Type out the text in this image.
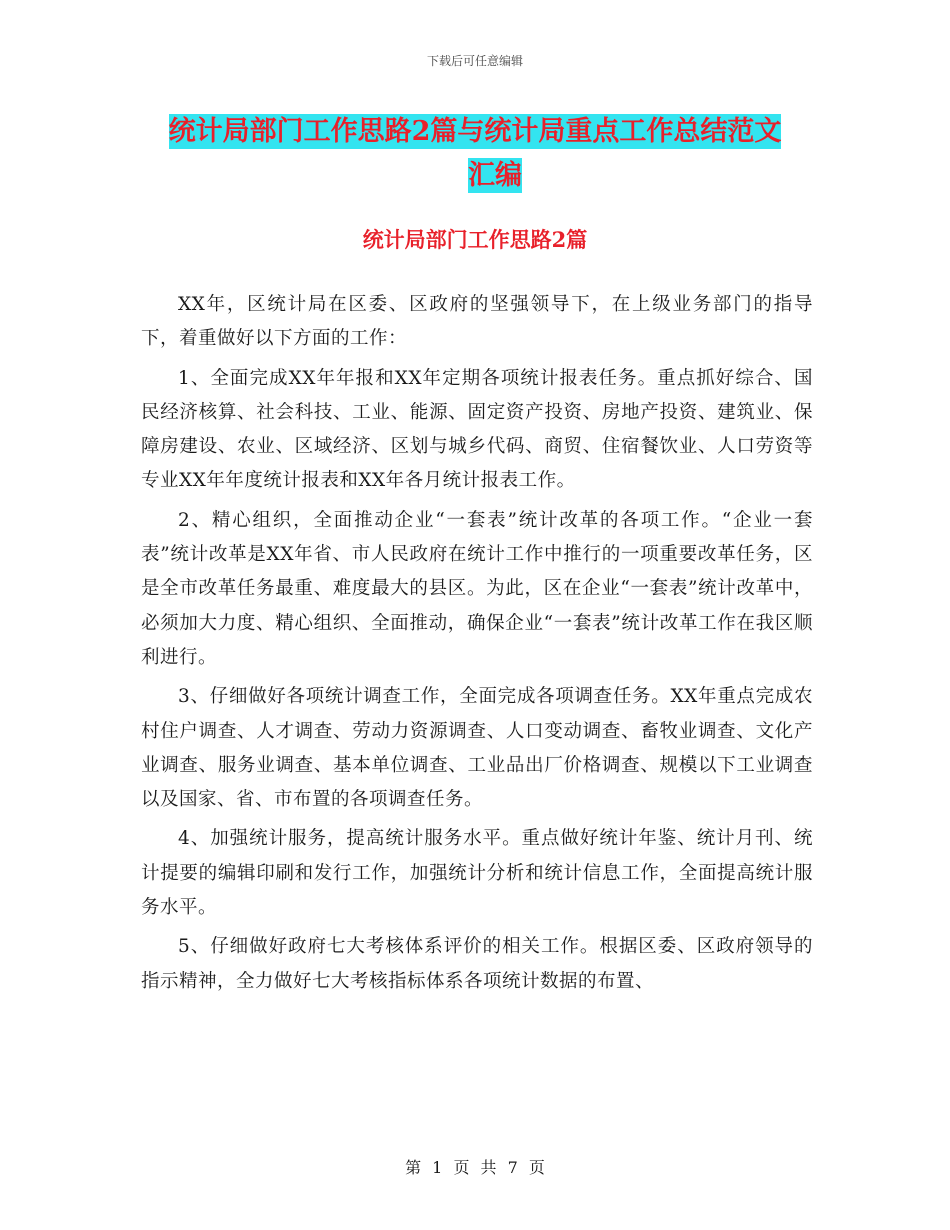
下载后可任意编辑
统计局部门工作思路2篇与统计局重点工作总结范文
汇编
统计局部门工作思路2篇

XX年，区统计局在区委、区政府的坚强领导下，在上级业务部门的指导下，着重做好以下方面的工作：

1、全面完成XX年年报和XX年定期各项统计报表任务。重点抓好综合、国民经济核算、社会科技、工业、能源、固定资产投资、房地产投资、建筑业、保障房建设、农业、区域经济、区划与城乡代码、商贸、住宿餐饮业、人口劳资等专业XX年年度统计报表和XX年各月统计报表工作。

2、精心组织，全面推动企业“一套表”统计改革的各项工作。“企业一套表”统计改革是XX年省、市人民政府在统计工作中推行的一项重要改革任务，区是全市改革任务最重、难度最大的县区。为此，区在企业“一套表”统计改革中，必须加大力度、精心组织、全面推动，确保企业“一套表”统计改革工作在我区顺利进行。

3、仔细做好各项统计调查工作，全面完成各项调查任务。XX年重点完成农村住户调查、人才调查、劳动力资源调查、人口变动调查、畜牧业调查、文化产业调查、服务业调查、基本单位调查、工业品出厂价格调查、规模以下工业调查以及国家、省、市布置的各项调查任务。

4、加强统计服务，提高统计服务水平。重点做好统计年鉴、统计月刊、统计提要的编辑印刷和发行工作，加强统计分析和统计信息工作，全面提高统计服务水平。

5、仔细做好政府七大考核体系评价的相关工作。根据区委、区政府领导的指示精神，全力做好七大考核指标体系各项统计数据的布置、

第 1 页 共 7 页
